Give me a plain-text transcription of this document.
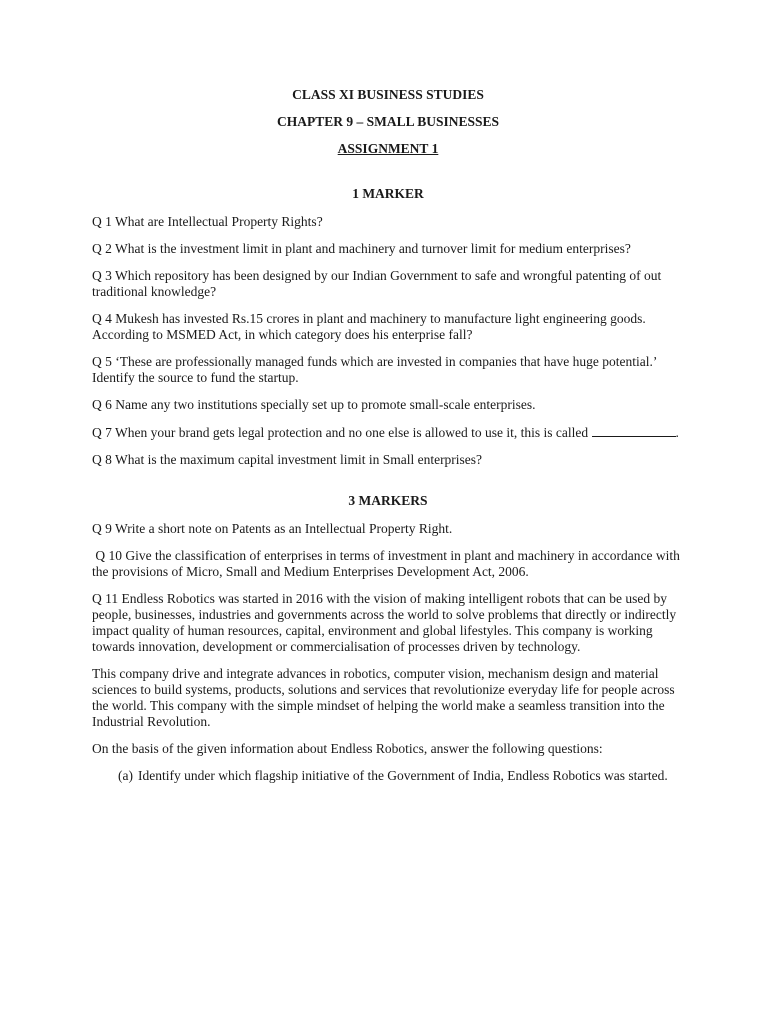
CLASS XI BUSINESS STUDIES

CHAPTER 9 – SMALL BUSINESSES

ASSIGNMENT 1

1 MARKER

Q 1 What are Intellectual Property Rights?

Q 2 What is the investment limit in plant and machinery and turnover limit for medium enterprises?

Q 3 Which repository has been designed by our Indian Government to safe and wrongful patenting of out traditional knowledge?

Q 4 Mukesh has invested Rs.15 crores in plant and machinery to manufacture light engineering goods. According to MSMED Act, in which category does his enterprise fall?

Q 5 ‘These are professionally managed funds which are invested in companies that have huge potential.’ Identify the source to fund the startup.

Q 6 Name any two institutions specially set up to promote small-scale enterprises.

Q 7 When your brand gets legal protection and no one else is allowed to use it, this is called	.

Q 8 What is the maximum capital investment limit in Small enterprises?

3 MARKERS

Q 9 Write a short note on Patents as an Intellectual Property Right.

Q 10 Give the classification of enterprises in terms of investment in plant and machinery in accordance with the provisions of Micro, Small and Medium Enterprises Development Act, 2006.

Q 11 Endless Robotics was started in 2016 with the vision of making intelligent robots that can be used by people, businesses, industries and governments across the world to solve problems that directly or indirectly impact quality of human resources, capital, environment and global lifestyles. This company is working towards innovation, development or commercialisation of processes driven by technology.

This company drive and integrate advances in robotics, computer vision, mechanism design and material sciences to build systems, products, solutions and services that revolutionize everyday life for people across the world. This company with the simple mindset of helping the world make a seamless transition into the Industrial Revolution.

On the basis of the given information about Endless Robotics, answer the following questions:

(a) Identify under which flagship initiative of the Government of India, Endless Robotics was started.
